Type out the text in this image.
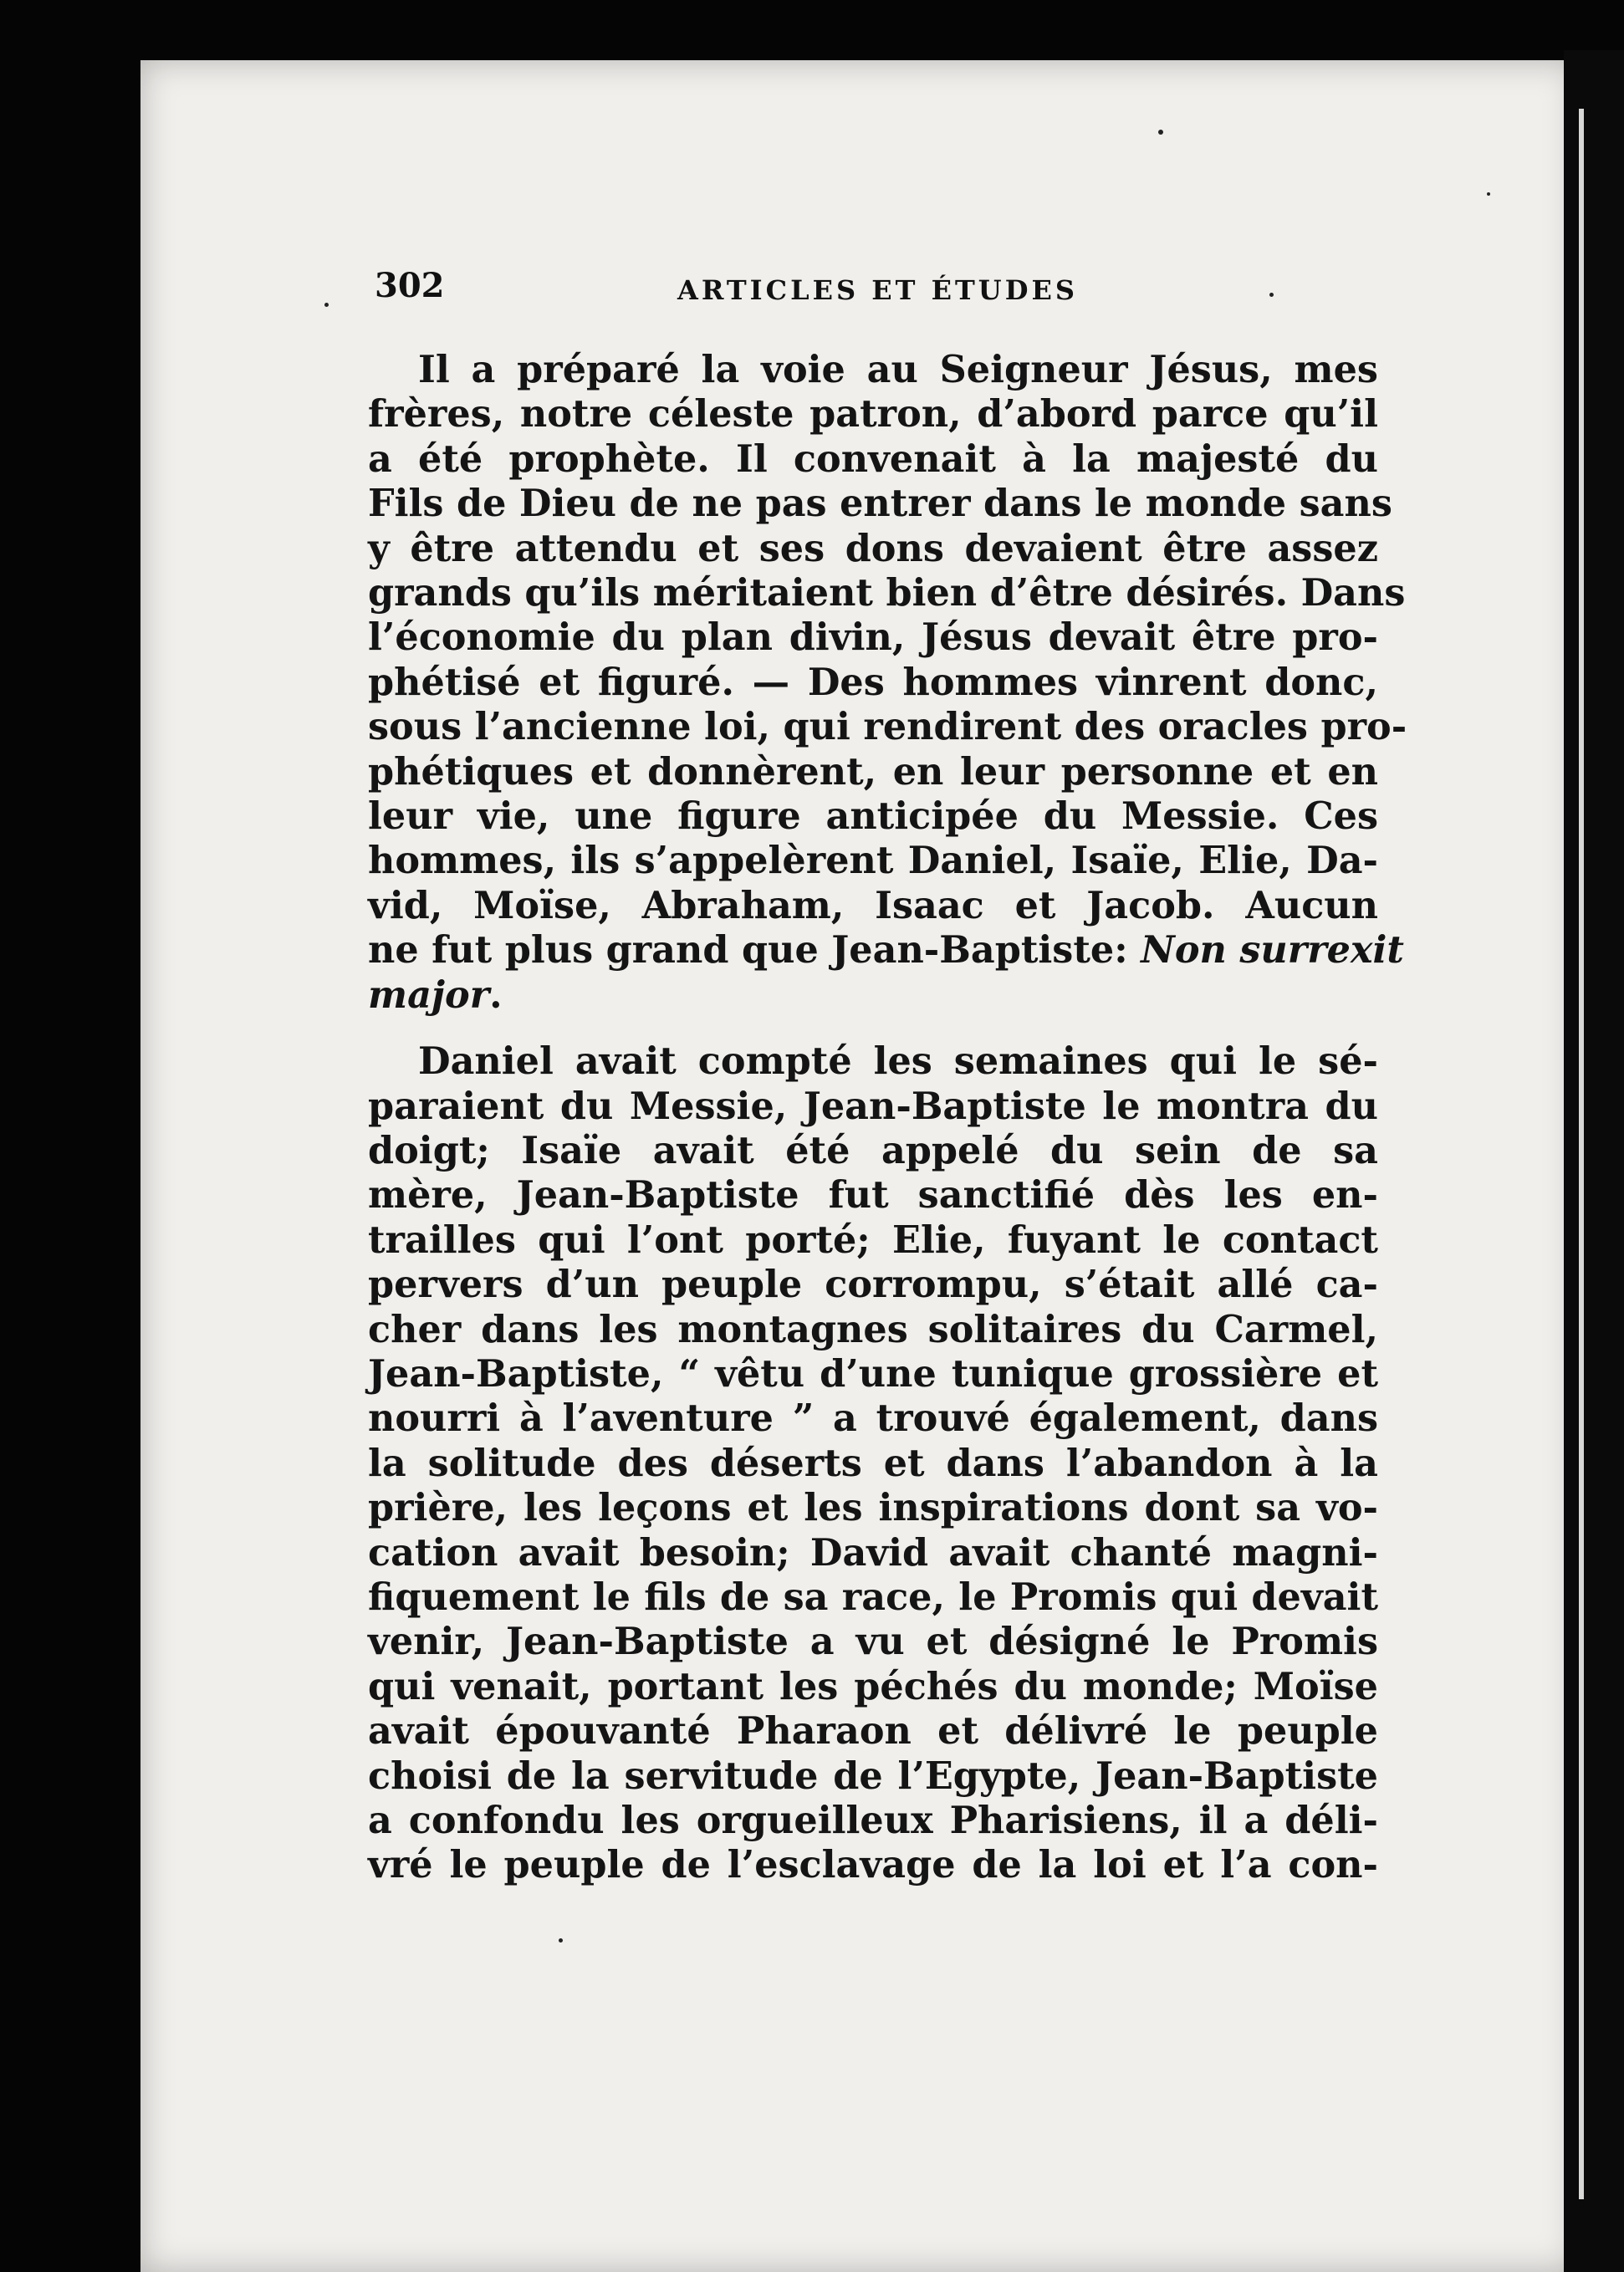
302	ARTICLES ET ÉTUDES
Il a préparé la voie au Seigneur Jésus, mes
frères, notre céleste patron, d’abord parce qu’il
a été prophète. Il convenait à la majesté du
Fils de Dieu de ne pas entrer dans le monde sans
y être attendu et ses dons devaient être assez
grands qu’ils méritaient bien d’être désirés. Dans
l’économie du plan divin, Jésus devait être pro-
phétisé et figuré. — Des hommes vinrent donc,
sous l’ancienne loi, qui rendirent des oracles pro-
phétiques et donnèrent, en leur personne et en
leur vie, une figure anticipée du Messie. Ces
hommes, ils s’appelèrent Daniel, Isaïe, Elie, Da-
vid, Moïse, Abraham, Isaac et Jacob. Aucun
ne fut plus grand que Jean-Baptiste: Non surrexit
major.
Daniel avait compté les semaines qui le sé-
paraient du Messie, Jean-Baptiste le montra du
doigt; Isaïe avait été appelé du sein de sa
mère, Jean-Baptiste fut sanctifié dès les en-
trailles qui l’ont porté; Elie, fuyant le contact
pervers d’un peuple corrompu, s’était allé ca-
cher dans les montagnes solitaires du Carmel,
Jean-Baptiste, “ vêtu d’une tunique grossière et
nourri à l’aventure ” a trouvé également, dans
la solitude des déserts et dans l’abandon à la
prière, les leçons et les inspirations dont sa vo-
cation avait besoin; David avait chanté magni-
fiquement le fils de sa race, le Promis qui devait
venir, Jean-Baptiste a vu et désigné le Promis
qui venait, portant les péchés du monde; Moïse
avait épouvanté Pharaon et délivré le peuple
choisi de la servitude de l’Egypte, Jean-Baptiste
a confondu les orgueilleux Pharisiens, il a déli-
vré le peuple de l’esclavage de la loi et l’a con-
